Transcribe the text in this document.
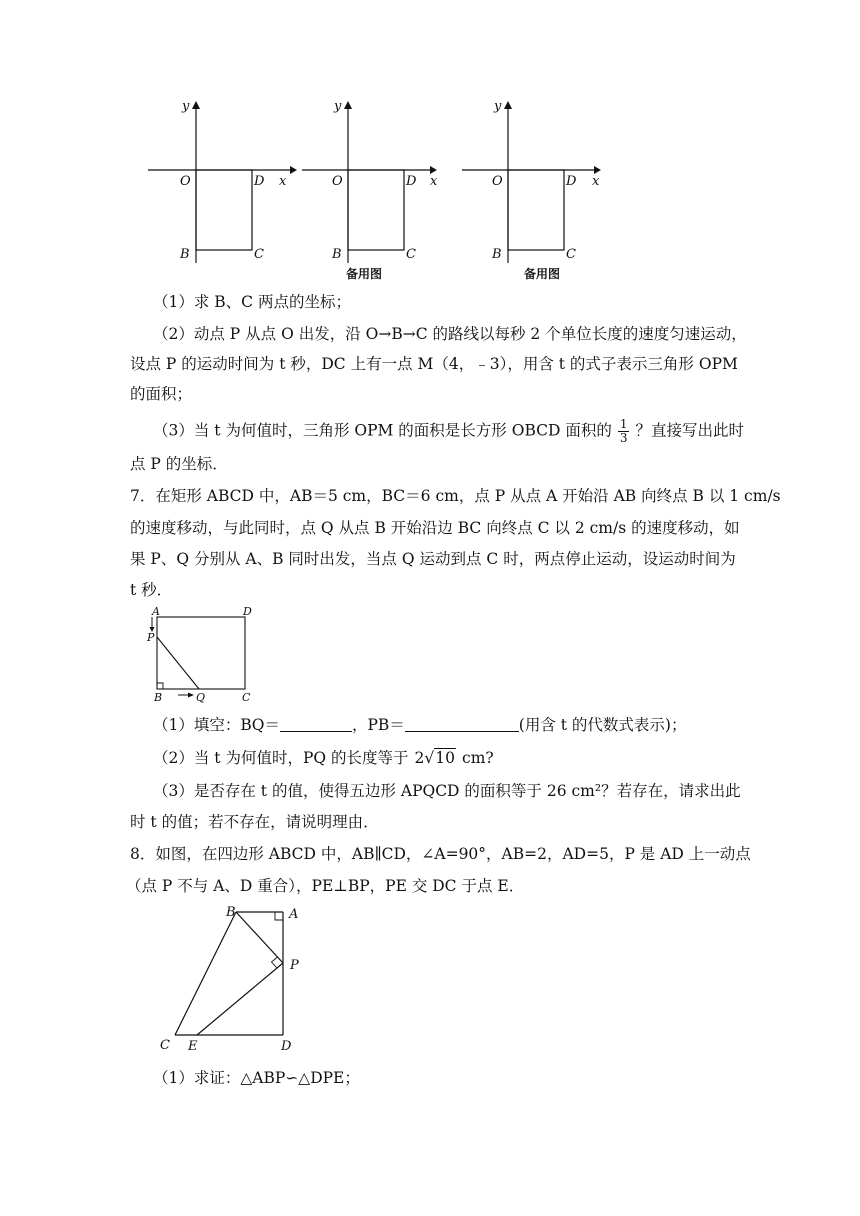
y
x
O	D
B	C
y
x
O	D
B	C
备用图
y
x
O	D
B	C
备用图
（1）求 B、C 两点的坐标；
（2）动点 P 从点 O 出发，沿 O→B→C 的路线以每秒 2 个单位长度的速度匀速运动，
设点 P 的运动时间为 t 秒，DC 上有一点 M（4，﹣3），用含 t 的式子表示三角形 OPM
的面积；
（3）当 t 为何值时，三角形 OPM 的面积是长方形 OBCD 面积的 $\frac{1}{3}$ ？直接写出此时
点 P 的坐标．
7．在矩形 ABCD 中，AB＝5 cm，BC＝6 cm，点 P 从点 A 开始沿 AB 向终点 B 以 1 cm/s
的速度移动，与此同时，点 Q 从点 B 开始沿边 BC 向终点 C 以 2 cm/s 的速度移动，如
果 P、Q 分别从 A、B 同时出发，当点 Q 运动到点 C 时，两点停止运动，设运动时间为
t 秒．
A	D
P
B	Q	C
（1）填空：BQ＝	，PB＝	(用含 t 的代数式表示)；
（2）当 t 为何值时，PQ 的长度等于 2√10 cm?
（3）是否存在 t 的值，使得五边形 APQCD 的面积等于 26 cm²？若存在，请求出此
时 t 的值；若不存在，请说明理由．
8．如图，在四边形 ABCD 中，AB∥CD，∠A=90°，AB=2，AD=5，P 是 AD 上一动点
（点 P 不与 A、D 重合），PE⊥BP，PE 交 DC 于点 E．
B	A
P
C E	D
（1）求证：△ABP∽△DPE；
